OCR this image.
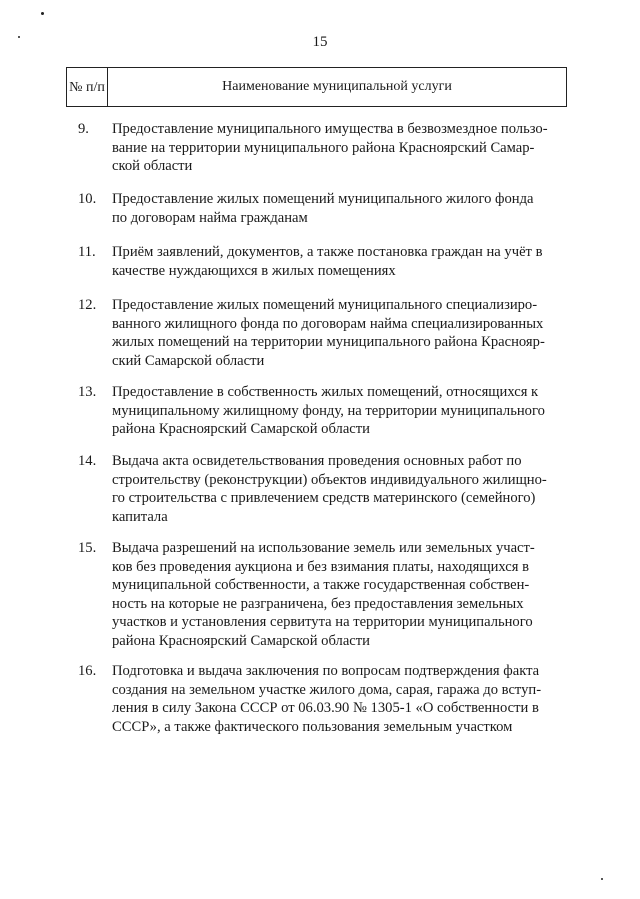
15
№ п/п	Наименование муниципальной услуги
9.	Предоставление муниципального имущества в безвозмездное пользо-
вание на территории муниципального района Красноярский Самар-
ской области
10.	Предоставление жилых помещений муниципального жилого фонда
по договорам найма гражданам
11.	Приём заявлений, документов, а также постановка граждан на учёт в
качестве нуждающихся в жилых помещениях
12.	Предоставление жилых помещений муниципального специализиро-
ванного жилищного фонда по договорам найма специализированных
жилых помещений на территории муниципального района Краснояр-
ский Самарской области
13.	Предоставление в собственность жилых помещений, относящихся к
муниципальному жилищному фонду, на территории муниципального
района Красноярский Самарской области
14.	Выдача акта освидетельствования проведения основных работ по
строительству (реконструкции) объектов индивидуального жилищно-
го строительства с привлечением средств материнского (семейного)
капитала
15.	Выдача разрешений на использование земель или земельных участ-
ков без проведения аукциона и без взимания платы, находящихся в
муниципальной собственности, а также государственная собствен-
ность на которые не разграничена, без предоставления земельных
участков и установления сервитута на территории муниципального
района Красноярский Самарской области
16.	Подготовка и выдача заключения по вопросам подтверждения факта
создания на земельном участке жилого дома, сарая, гаража до вступ-
ления в силу Закона СССР от 06.03.90 № 1305-1 «О собственности в
СССР», а также фактического пользования земельным участком
